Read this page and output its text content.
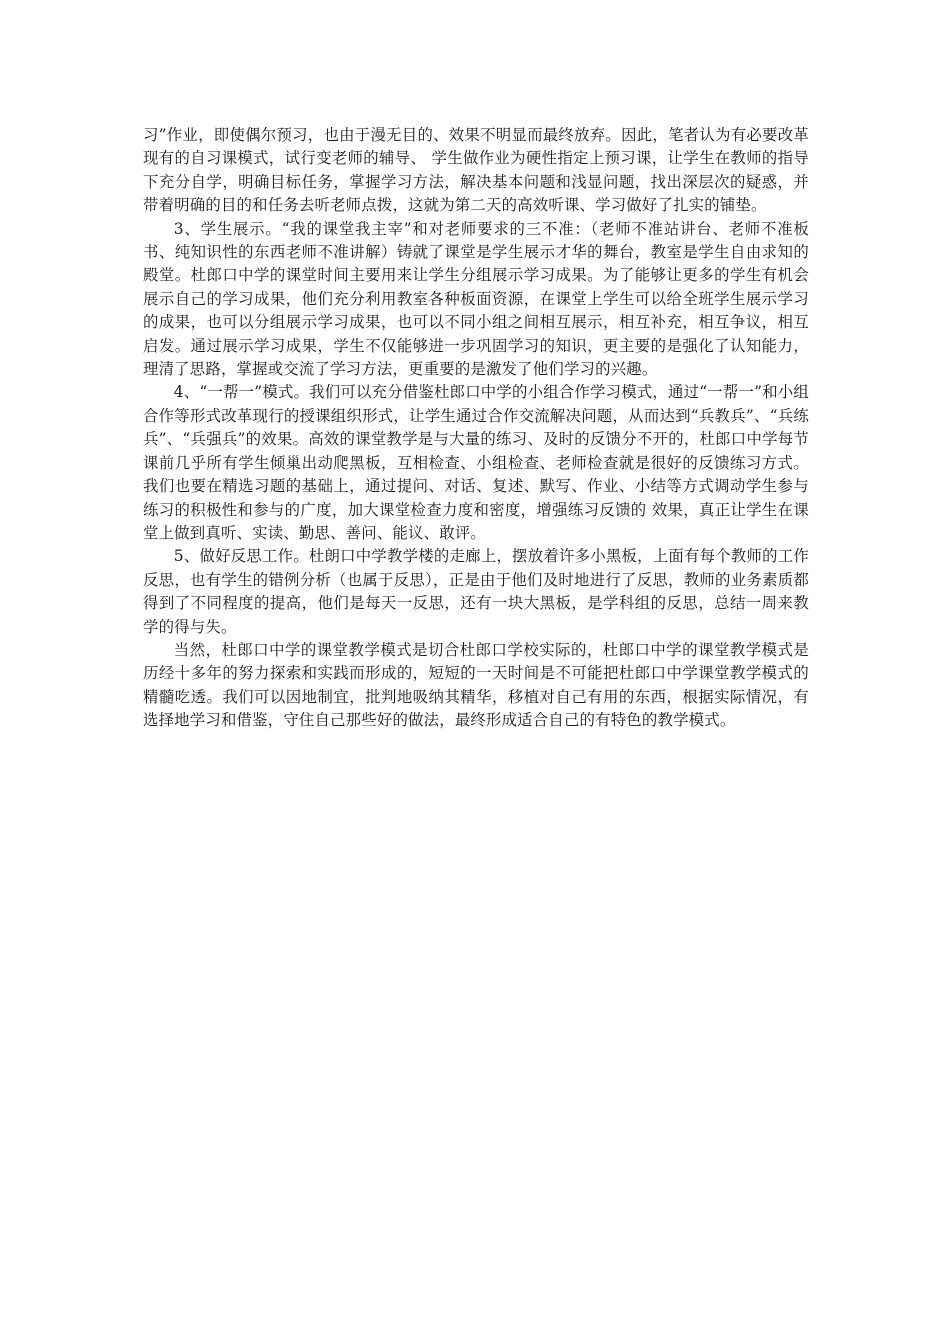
习”作业，即使偶尔预习，也由于漫无目的、效果不明显而最终放弃。因此，笔者认为有必要改革现有的自习课模式，试行变老师的辅导、 学生做作业为硬性指定上预习课，让学生在教师的指导下充分自学，明确目标任务，掌握学习方法，解决基本问题和浅显问题，找出深层次的疑惑，并带着明确的目的和任务去听老师点拨，这就为第二天的高效听课、学习做好了扎实的铺垫。

3、学生展示。“我的课堂我主宰”和对老师要求的三不准：（老师不准站讲台、老师不准板书、纯知识性的东西老师不准讲解）铸就了课堂是学生展示才华的舞台，教室是学生自由求知的殿堂。杜郎口中学的课堂时间主要用来让学生分组展示学习成果。为了能够让更多的学生有机会展示自己的学习成果，他们充分利用教室各种板面资源，在课堂上学生可以给全班学生展示学习的成果，也可以分组展示学习成果，也可以不同小组之间相互展示，相互补充，相互争议，相互启发。通过展示学习成果，学生不仅能够进一步巩固学习的知识，更主要的是强化了认知能力，理清了思路，掌握或交流了学习方法，更重要的是激发了他们学习的兴趣。

4、“一帮一”模式。我们可以充分借鉴杜郎口中学的小组合作学习模式，通过“一帮一”和小组合作等形式改革现行的授课组织形式，让学生通过合作交流解决问题，从而达到“兵教兵”、“兵练兵”、“兵强兵”的效果。高效的课堂教学是与大量的练习、及时的反馈分不开的，杜郎口中学每节课前几乎所有学生倾巢出动爬黑板，互相检查、小组检查、老师检查就是很好的反馈练习方式。我们也要在精选习题的基础上，通过提问、对话、复述、默写、作业、小结等方式调动学生参与练习的积极性和参与的广度，加大课堂检查力度和密度，增强练习反馈的 效果，真正让学生在课堂上做到真听、实读、勤思、善问、能议、敢评。

5、做好反思工作。杜朗口中学教学楼的走廊上，摆放着许多小黑板，上面有每个教师的工作反思，也有学生的错例分析（也属于反思），正是由于他们及时地进行了反思，教师的业务素质都得到了不同程度的提高，他们是每天一反思，还有一块大黑板，是学科组的反思，总结一周来教学的得与失。

当然，杜郎口中学的课堂教学模式是切合杜郎口学校实际的，杜郎口中学的课堂教学模式是历经十多年的努力探索和实践而形成的，短短的一天时间是不可能把杜郎口中学课堂教学模式的精髓吃透。我们可以因地制宜，批判地吸纳其精华，移植对自己有用的东西，根据实际情况，有选择地学习和借鉴，守住自己那些好的做法，最终形成适合自己的有特色的教学模式。
